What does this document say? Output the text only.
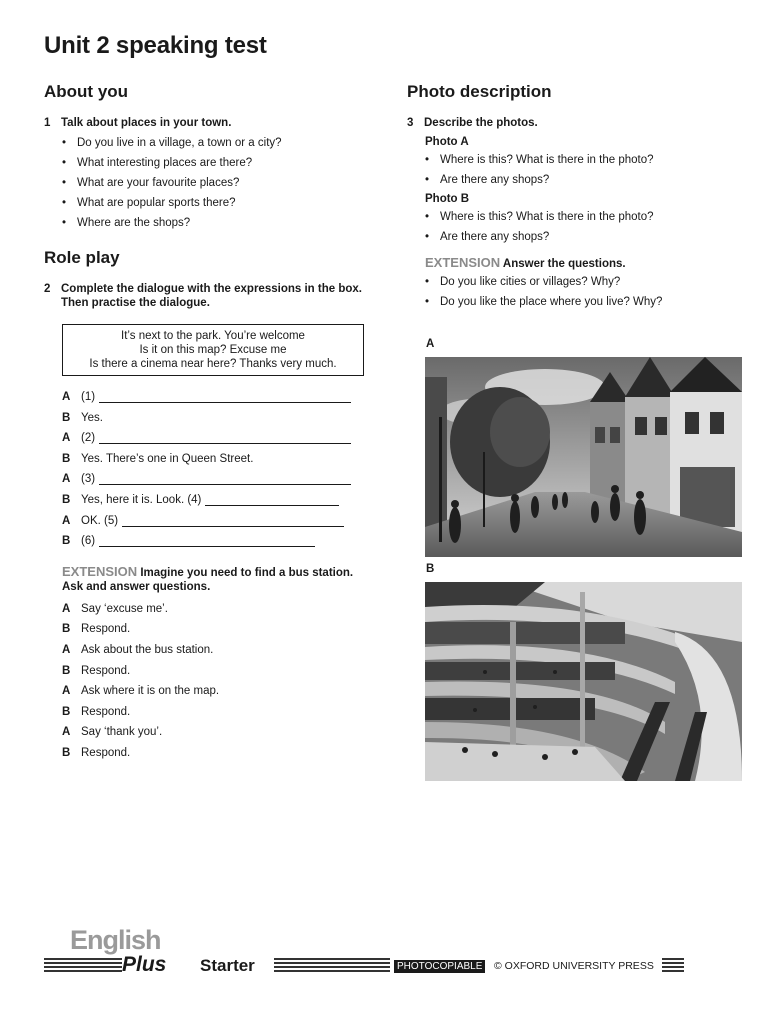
Unit 2 speaking test
About you
1 Talk about places in your town.
• Do you live in a village, a town or a city?
• What interesting places are there?
• What are your favourite places?
• What are popular sports there?
• Where are the shops?
Role play
2 Complete the dialogue with the expressions in the box. Then practise the dialogue.
It’s next to the park. You’re welcome
Is it on this map? Excuse me
Is there a cinema near here? Thanks very much.
A (1)
B Yes.
A (2)
B Yes. There’s one in Queen Street.
A (3)
B Yes, here it is. Look. (4)
A OK. (5)
B (6)
EXTENSION Imagine you need to find a bus station. Ask and answer questions.
A Say ‘excuse me’.
B Respond.
A Ask about the bus station.
B Respond.
A Ask where it is on the map.
B Respond.
A Say ‘thank you’.
B Respond.
Photo description
3 Describe the photos.
Photo A
• Where is this? What is there in the photo?
• Are there any shops?
Photo B
• Where is this? What is there in the photo?
• Are there any shops?
EXTENSION Answer the questions.
• Do you like cities or villages? Why?
• Do you like the place where you live? Why?
A
B
English
Plus Starter	PHOTOCOPIABLE © OXFORD UNIVERSITY PRESS
